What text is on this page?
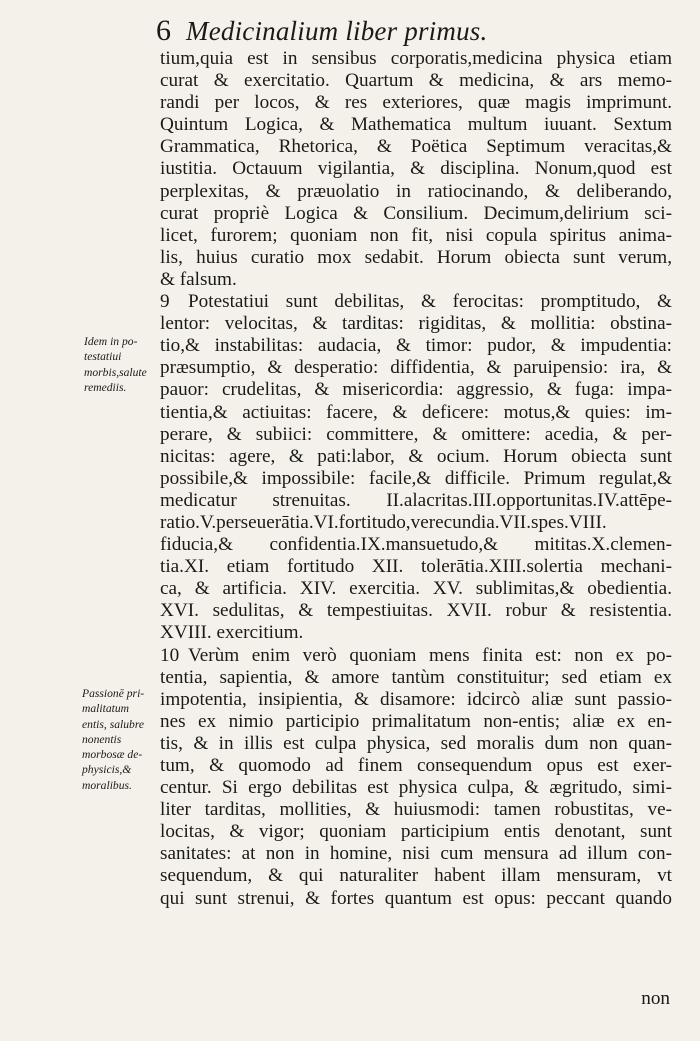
6 Medicinalium liber primus.
tium,quia est in sensibus corporatis,medicina physica etiam
curat & exercitatio. Quartum & medicina, & ars memo-
randi per locos, & res exteriores, quæ magis imprimunt.
Quintum Logica, & Mathematica multum iuuant. Sextum
Grammatica, Rhetorica, & Poëtica Septimum veracitas,&
iustitia. Octauum vigilantia, & disciplina. Nonum,quod est
perplexitas, & præuolatio in ratiocinando, & deliberando,
curat propriè Logica & Consilium. Decimum,delirium sci-
licet, furorem; quoniam non fit, nisi copula spiritus anima-
lis, huius curatio mox sedabit. Horum obiecta sunt verum,
& falsum.
9 Potestatiui sunt debilitas, & ferocitas: promptitudo, &
lentor: velocitas, & tarditas: rigiditas, & mollitia: obstina-
tio,& instabilitas: audacia, & timor: pudor, & impudentia:
præsumptio, & desperatio: diffidentia, & paruipensio: ira, &
pauor: crudelitas, & misericordia: aggressio, & fuga: impa-
tientia,& actiuitas: facere, & deficere: motus,& quies: im-
perare, & subiici: committere, & omittere: acedia, & per-
nicitas: agere, & pati:labor, & ocium. Horum obiecta sunt
possibile,& impossibile: facile,& difficile. Primum regulat,&
medicatur strenuitas. II.alacritas.III.opportunitas.IV.attēpe-
ratio.V.perseuerātia.VI.fortitudo,verecundia.VII.spes.VIII.
fiducia,& confidentia.IX.mansuetudo,& mititas.X.clemen-
tia.XI. etiam fortitudo XII. tolerātia.XIII.solertia mechani-
ca, & artificia. XIV. exercitia. XV. sublimitas,& obedientia.
XVI. sedulitas, & tempestiuitas. XVII. robur & resistentia.
XVIII. exercitium.
10 Verùm enim verò quoniam mens finita est: non ex po-
tentia, sapientia, & amore tantùm constituitur; sed etiam ex
impotentia, insipientia, & disamore: idcircò aliæ sunt passio-
nes ex nimio participio primalitatum non-entis; aliæ ex en-
tis, & in illis est culpa physica, sed moralis dum non quan-
tum, & quomodo ad finem consequendum opus est exer-
centur. Si ergo debilitas est physica culpa, & ægritudo, simi-
liter tarditas, mollities, & huiusmodi: tamen robustitas, ve-
locitas, & vigor; quoniam participium entis denotant, sunt
sanitates: at non in homine, nisi cum mensura ad illum con-
sequendum, & qui naturaliter habent illam mensuram, vt
qui sunt strenui, & fortes quantum est opus: peccant quando
Idem in po-
testatiui
morbis,salute
remediis.
Passionē pri-
malitatum
entis, salubre
nonentis
morbosæ de-
physicis,&
moralibus.
non
